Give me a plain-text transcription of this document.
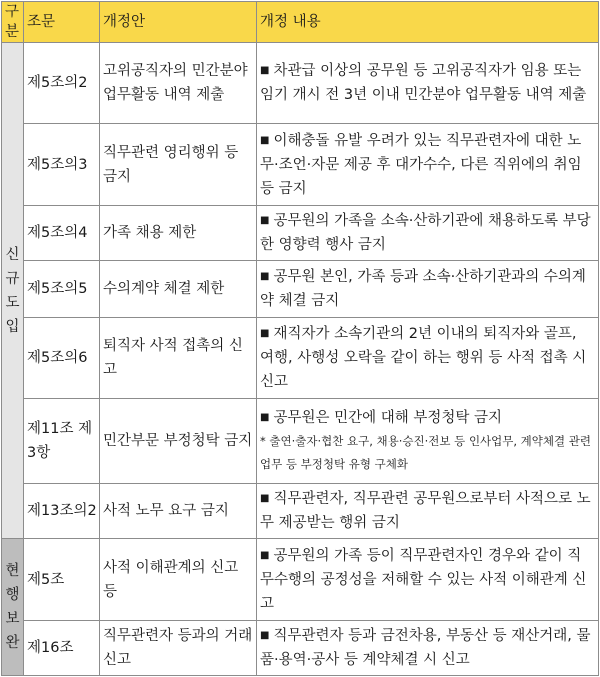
구분	조문	개정안	개정 내용

신
규
도
입	제5조의2	고위공직자의 민간분야 업무활동 내역 제출	■ 차관급 이상의 공무원 등 고위공직자가 임용 또는 임기 개시 전 3년 이내 민간분야 업무활동 내역 제출
	제5조의3	직무관련 영리행위 등 금지	■ 이해충돌 유발 우려가 있는 직무관련자에 대한 노무·조언·자문 제공 후 대가수수, 다른 직위에의 취임 등 금지
	제5조의4	가족 채용 제한	■ 공무원의 가족을 소속·산하기관에 채용하도록 부당한 영향력 행사 금지
	제5조의5	수의계약 체결 제한	■ 공무원 본인, 가족 등과 소속·산하기관과의 수의계약 체결 금지
	제5조의6	퇴직자 사적 접촉의 신고	■ 재직자가 소속기관의 2년 이내의 퇴직자와 골프, 여행, 사행성 오락을 같이 하는 행위 등 사적 접촉 시 신고
	제11조 제3항	민간부문 부정청탁 금지	■ 공무원은 민간에 대해 부정청탁 금지
* 출연·출자·협찬 요구, 채용·승진·전보 등 인사업무, 계약체결 관련 업무 등 부정청탁 유형 구체화

	제13조의2	사적 노무 요구 금지	■ 직무관련자, 직무관련 공무원으로부터 사적으로 노무 제공받는 행위 금지

현
행
보
완	제5조	사적 이해관계의 신고 등	■ 공무원의 가족 등이 직무관련자인 경우와 같이 직무수행의 공정성을 저해할 수 있는 사적 이해관계 신고
	제16조	직무관련자 등과의 거래 신고	■ 직무관련자 등과 금전차용, 부동산 등 재산거래, 물품·용역·공사 등 계약체결 시 신고
